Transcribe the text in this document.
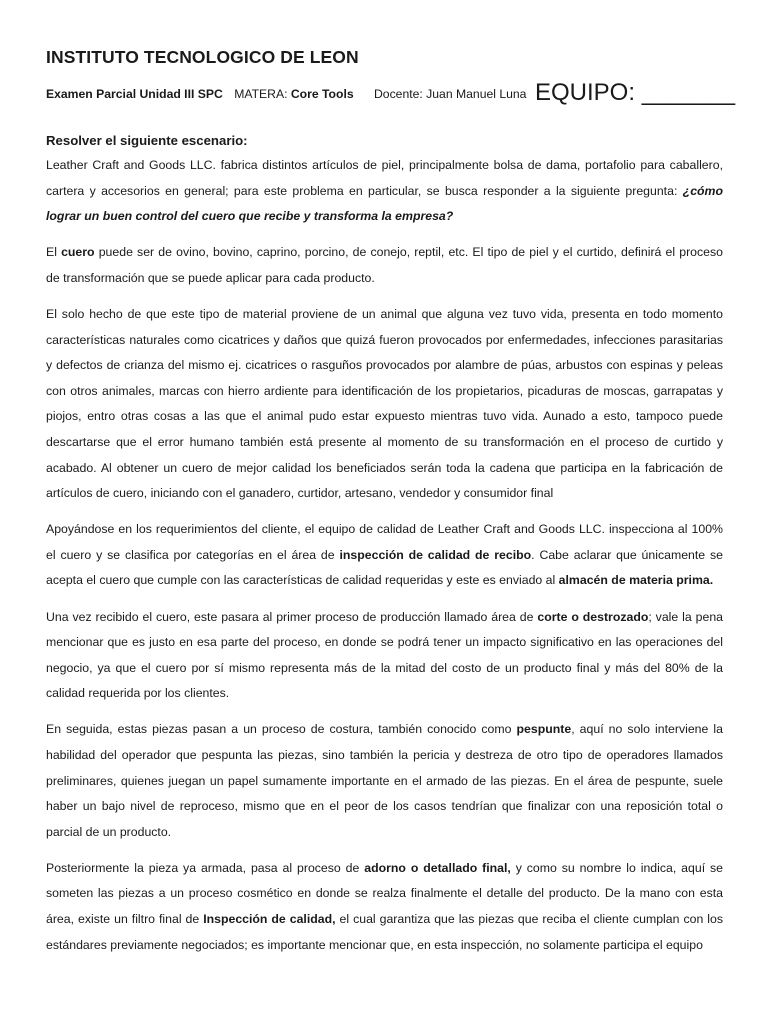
INSTITUTO TECNOLOGICO DE LEON
Examen Parcial Unidad III SPC MATERA: Core Tools Docente: Juan Manuel Luna EQUIPO: _______
Resolver el siguiente escenario:

Leather Craft and Goods LLC. fabrica distintos artículos de piel, principalmente bolsa de dama, portafolio para caballero, cartera y accesorios en general; para este problema en particular, se busca responder a la siguiente pregunta: ¿cómo lograr un buen control del cuero que recibe y transforma la empresa?

El cuero puede ser de ovino, bovino, caprino, porcino, de conejo, reptil, etc. El tipo de piel y el curtido, definirá el proceso de transformación que se puede aplicar para cada producto.

El solo hecho de que este tipo de material proviene de un animal que alguna vez tuvo vida, presenta en todo momento características naturales como cicatrices y daños que quizá fueron provocados por enfermedades, infecciones parasitarias y defectos de crianza del mismo ej. cicatrices o rasguños provocados por alambre de púas, arbustos con espinas y peleas con otros animales, marcas con hierro ardiente para identificación de los propietarios, picaduras de moscas, garrapatas y piojos, entro otras cosas a las que el animal pudo estar expuesto mientras tuvo vida. Aunado a esto, tampoco puede descartarse que el error humano también está presente al momento de su transformación en el proceso de curtido y acabado. Al obtener un cuero de mejor calidad los beneficiados serán toda la cadena que participa en la fabricación de artículos de cuero, iniciando con el ganadero, curtidor, artesano, vendedor y consumidor final

Apoyándose en los requerimientos del cliente, el equipo de calidad de Leather Craft and Goods LLC. inspecciona al 100% el cuero y se clasifica por categorías en el área de inspección de calidad de recibo. Cabe aclarar que únicamente se acepta el cuero que cumple con las características de calidad requeridas y este es enviado al almacén de materia prima.

Una vez recibido el cuero, este pasara al primer proceso de producción llamado área de corte o destrozado; vale la pena mencionar que es justo en esa parte del proceso, en donde se podrá tener un impacto significativo en las operaciones del negocio, ya que el cuero por sí mismo representa más de la mitad del costo de un producto final y más del 80% de la calidad requerida por los clientes.

En seguida, estas piezas pasan a un proceso de costura, también conocido como pespunte, aquí no solo interviene la habilidad del operador que pespunta las piezas, sino también la pericia y destreza de otro tipo de operadores llamados preliminares, quienes juegan un papel sumamente importante en el armado de las piezas. En el área de pespunte, suele haber un bajo nivel de reproceso, mismo que en el peor de los casos tendrían que finalizar con una reposición total o parcial de un producto.

Posteriormente la pieza ya armada, pasa al proceso de adorno o detallado final, y como su nombre lo indica, aquí se someten las piezas a un proceso cosmético en donde se realza finalmente el detalle del producto. De la mano con esta área, existe un filtro final de Inspección de calidad, el cual garantiza que las piezas que reciba el cliente cumplan con los estándares previamente negociados; es importante mencionar que, en esta inspección, no solamente participa el equipo
